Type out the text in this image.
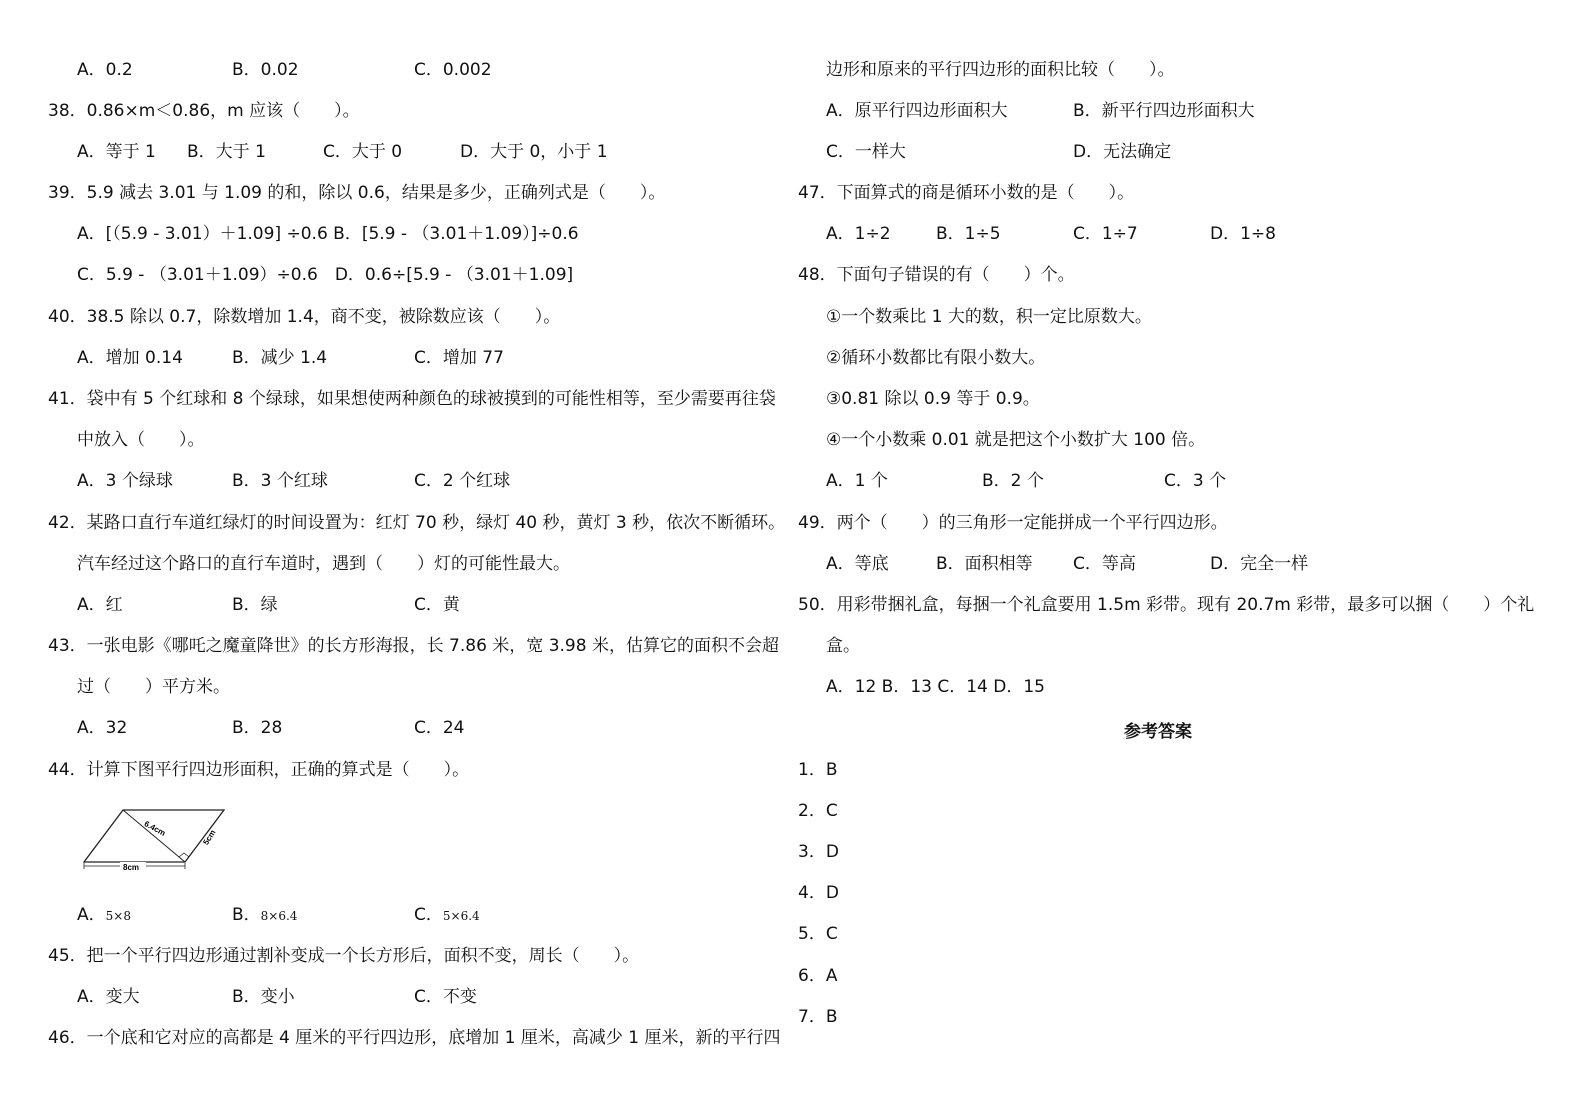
A．0.2	B．0.02	C．0.002
38．0.86×m＜0.86，m 应该（　　）。
A．等于 1 B．大于 1	C．大于 0	D．大于 0，小于 1
39．5.9 减去 3.01 与 1.09 的和，除以 0.6，结果是多少，正确列式是（　　）。
A．[（5.9 - 3.01）＋1.09] ÷0.6 B．[5.9 - （3.01＋1.09）]÷0.6
C．5.9 - （3.01＋1.09）÷0.6　D．0.6÷[5.9 - （3.01＋1.09]
40．38.5 除以 0.7，除数增加 1.4，商不变，被除数应该（　　）。
A．增加 0.14	B．减少 1.4	C．增加 77
41．袋中有 5 个红球和 8 个绿球，如果想使两种颜色的球被摸到的可能性相等，至少需要再往袋
中放入（　　）。
A．3 个绿球	B．3 个红球	C．2 个红球
42．某路口直行车道红绿灯的时间设置为：红灯 70 秒，绿灯 40 秒，黄灯 3 秒，依次不断循环。
汽车经过这个路口的直行车道时，遇到（　　）灯的可能性最大。
A．红	B．绿	C．黄
43．一张电影《哪吒之魔童降世》的长方形海报，长 7.86 米，宽 3.98 米，估算它的面积不会超
过（　　）平方米。
A．32	B．28	C．24
44．计算下图平行四边形面积，正确的算式是（　　）。
6.4cm	5cm
8cm
A．5×8	B．8×6.4	C．5×6.4
45．把一个平行四边形通过割补变成一个长方形后，面积不变，周长（　　）。
A．变大	B．变小	C．不变
46．一个底和它对应的高都是 4 厘米的平行四边形，底增加 1 厘米，高减少 1 厘米，新的平行四
边形和原来的平行四边形的面积比较（　　）。
A．原平行四边形面积大	B．新平行四边形面积大
C．一样大	D．无法确定
47．下面算式的商是循环小数的是（　　）。
A．1÷2	B．1÷5	C．1÷7	D．1÷8
48．下面句子错误的有（　　）个。
①一个数乘比 1 大的数，积一定比原数大。
②循环小数都比有限小数大。
③0.81 除以 0.9 等于 0.9。
④一个小数乘 0.01 就是把这个小数扩大 100 倍。
A．1 个	B．2 个	C．3 个
49．两个（　　）的三角形一定能拼成一个平行四边形。
A．等底	B．面积相等 C．等高	D．完全一样
50．用彩带捆礼盒，每捆一个礼盒要用 1.5m 彩带。现有 20.7m 彩带，最多可以捆（　　）个礼
盒。
A．12 B．13 C．14 D．15
参考答案
1．B
2．C
3．D
4．D
5．C
6．A
7．B
